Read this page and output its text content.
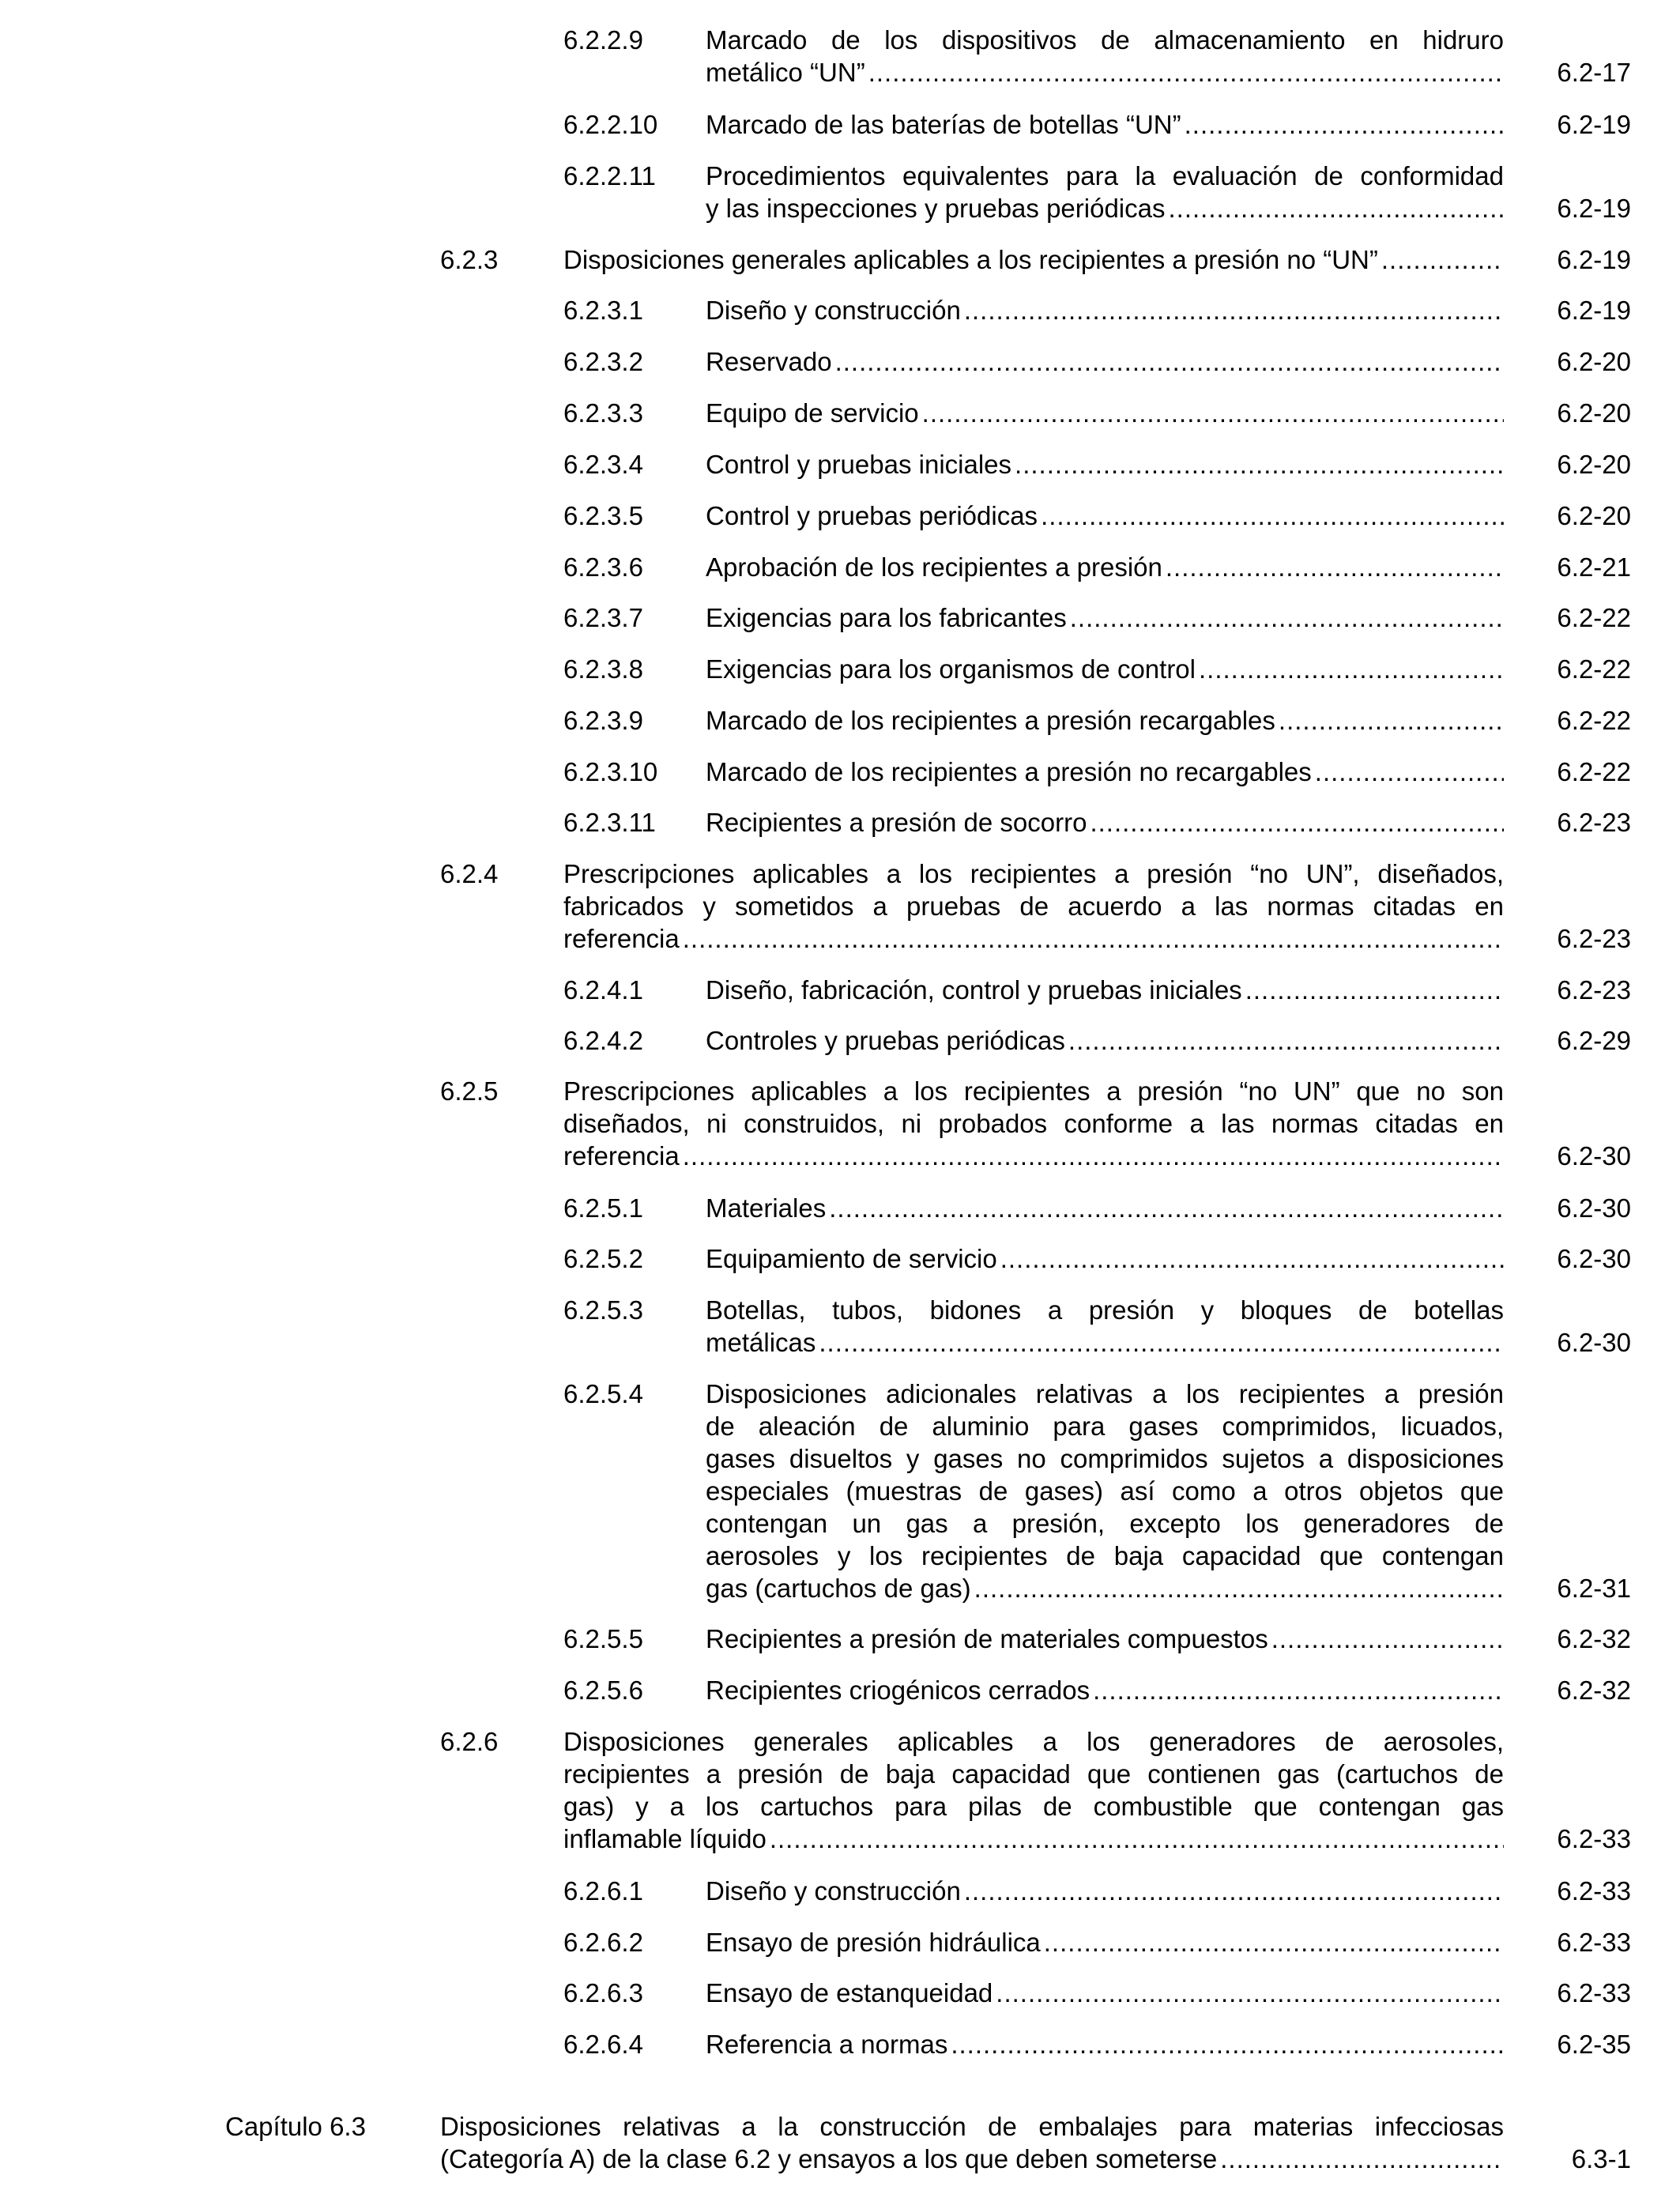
6.2.2.9 Marcado de los dispositivos de almacenamiento en hidruro
metálico “UN” .....	6.2-17
6.2.2.10 Marcado de las baterías de botellas “UN” .....	6.2-19
6.2.2.11 Procedimientos equivalentes para la evaluación de conformidad
y las inspecciones y pruebas periódicas .....	6.2-19
6.2.3	Disposiciones generales aplicables a los recipientes a presión no “UN” .....	6.2-19
6.2.3.1 Diseño y construcción .....	6.2-19
6.2.3.2 Reservado .....	6.2-20
6.2.3.3 Equipo de servicio .....	6.2-20
6.2.3.4 Control y pruebas iniciales .....	6.2-20
6.2.3.5 Control y pruebas periódicas .....	6.2-20
6.2.3.6 Aprobación de los recipientes a presión .....	6.2-21
6.2.3.7 Exigencias para los fabricantes .....	6.2-22
6.2.3.8 Exigencias para los organismos de control .....	6.2-22
6.2.3.9 Marcado de los recipientes a presión recargables .....	6.2-22
6.2.3.10 Marcado de los recipientes a presión no recargables .....	6.2-22
6.2.3.11 Recipientes a presión de socorro .....	6.2-23
6.2.4	Prescripciones aplicables a los recipientes a presión “no UN”, diseñados,
fabricados y sometidos a pruebas de acuerdo a las normas citadas en
referencia .....	6.2-23
6.2.4.1 Diseño, fabricación, control y pruebas iniciales .....	6.2-23
6.2.4.2 Controles y pruebas periódicas .....	6.2-29
6.2.5	Prescripciones aplicables a los recipientes a presión “no UN” que no son
diseñados, ni construidos, ni probados conforme a las normas citadas en
referencia .....	6.2-30
6.2.5.1 Materiales .....	6.2-30
6.2.5.2 Equipamiento de servicio .....	6.2-30
6.2.5.3 Botellas, tubos, bidones a presión y bloques de botellas
metálicas .....	6.2-30
6.2.5.4 Disposiciones adicionales relativas a los recipientes a presión
de aleación de aluminio para gases comprimidos, licuados,
gases disueltos y gases no comprimidos sujetos a disposiciones
especiales (muestras de gases) así como a otros objetos que
contengan un gas a presión, excepto los generadores de
aerosoles y los recipientes de baja capacidad que contengan
gas (cartuchos de gas) .....	6.2-31
6.2.5.5 Recipientes a presión de materiales compuestos .....	6.2-32
6.2.5.6 Recipientes criogénicos cerrados .....	6.2-32
6.2.6	Disposiciones generales aplicables a los generadores de aerosoles,
recipientes a presión de baja capacidad que contienen gas (cartuchos de
gas) y a los cartuchos para pilas de combustible que contengan gas
inflamable líquido .....	6.2-33
6.2.6.1 Diseño y construcción .....	6.2-33
6.2.6.2 Ensayo de presión hidráulica .....	6.2-33
6.2.6.3 Ensayo de estanqueidad .....	6.2-33
6.2.6.4 Referencia a normas .....	6.2-35
Capítulo 6.3	Disposiciones relativas a la construcción de embalajes para materias infecciosas
(Categoría A) de la clase 6.2 y ensayos a los que deben someterse .....	6.3-1
